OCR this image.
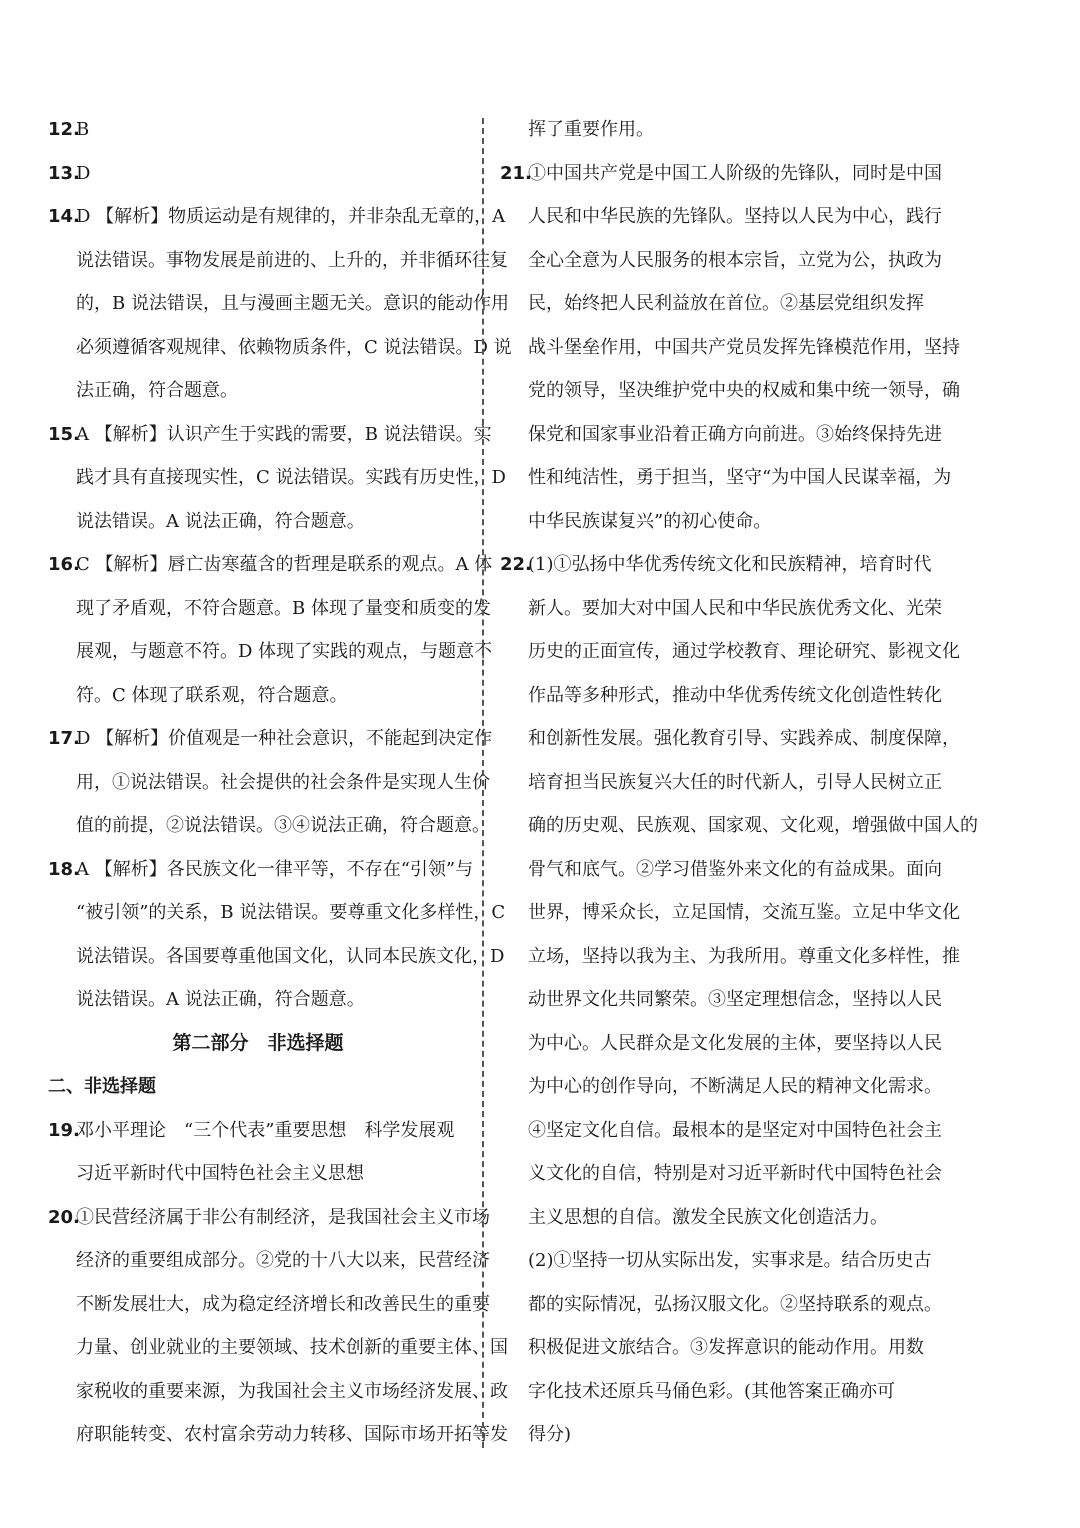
12.
B
13.
D
14.
D 【解析】物质运动是有规律的，并非杂乱无章的，A
说法错误。事物发展是前进的、上升的，并非循环往复
的，B 说法错误，且与漫画主题无关。意识的能动作用
必须遵循客观规律、依赖物质条件，C 说法错误。D 说
法正确，符合题意。
15.
A 【解析】认识产生于实践的需要，B 说法错误。实
践才具有直接现实性，C 说法错误。实践有历史性，D
说法错误。A 说法正确，符合题意。
16.
C 【解析】唇亡齿寒蕴含的哲理是联系的观点。A 体
现了矛盾观，不符合题意。B 体现了量变和质变的发
展观，与题意不符。D 体现了实践的观点，与题意不
符。C 体现了联系观，符合题意。
17.
D 【解析】价值观是一种社会意识，不能起到决定作
用，①说法错误。社会提供的社会条件是实现人生价
值的前提，②说法错误。③④说法正确，符合题意。
18.
A 【解析】各民族文化一律平等，不存在“引领”与
“被引领”的关系，B 说法错误。要尊重文化多样性，C
说法错误。各国要尊重他国文化，认同本民族文化，D
说法错误。A 说法正确，符合题意。
第二部分　非选择题
二、非选择题
19.
邓小平理论　“三个代表”重要思想　科学发展观
习近平新时代中国特色社会主义思想
20.
①民营经济属于非公有制经济，是我国社会主义市场
经济的重要组成部分。②党的十八大以来，民营经济
不断发展壮大，成为稳定经济增长和改善民生的重要
力量、创业就业的主要领域、技术创新的重要主体、国
家税收的重要来源，为我国社会主义市场经济发展、政
府职能转变、农村富余劳动力转移、国际市场开拓等发
挥了重要作用。
21.
①中国共产党是中国工人阶级的先锋队，同时是中国
人民和中华民族的先锋队。坚持以人民为中心，践行
全心全意为人民服务的根本宗旨，立党为公，执政为
民，始终把人民利益放在首位。②基层党组织发挥
战斗堡垒作用，中国共产党员发挥先锋模范作用，坚持
党的领导，坚决维护党中央的权威和集中统一领导，确
保党和国家事业沿着正确方向前进。③始终保持先进
性和纯洁性，勇于担当，坚守“为中国人民谋幸福，为
中华民族谋复兴”的初心使命。
22.
(1)①弘扬中华优秀传统文化和民族精神，培育时代
新人。要加大对中国人民和中华民族优秀文化、光荣
历史的正面宣传，通过学校教育、理论研究、影视文化
作品等多种形式，推动中华优秀传统文化创造性转化
和创新性发展。强化教育引导、实践养成、制度保障，
培育担当民族复兴大任的时代新人，引导人民树立正
确的历史观、民族观、国家观、文化观，增强做中国人的
骨气和底气。②学习借鉴外来文化的有益成果。面向
世界，博采众长，立足国情，交流互鉴。立足中华文化
立场，坚持以我为主、为我所用。尊重文化多样性，推
动世界文化共同繁荣。③坚定理想信念，坚持以人民
为中心。人民群众是文化发展的主体，要坚持以人民
为中心的创作导向，不断满足人民的精神文化需求。
④坚定文化自信。最根本的是坚定对中国特色社会主
义文化的自信，特别是对习近平新时代中国特色社会
主义思想的自信。激发全民族文化创造活力。
(2)①坚持一切从实际出发，实事求是。结合历史古
都的实际情况，弘扬汉服文化。②坚持联系的观点。
积极促进文旅结合。③发挥意识的能动作用。用数
字化技术还原兵马俑色彩。(其他答案正确亦可
得分)
